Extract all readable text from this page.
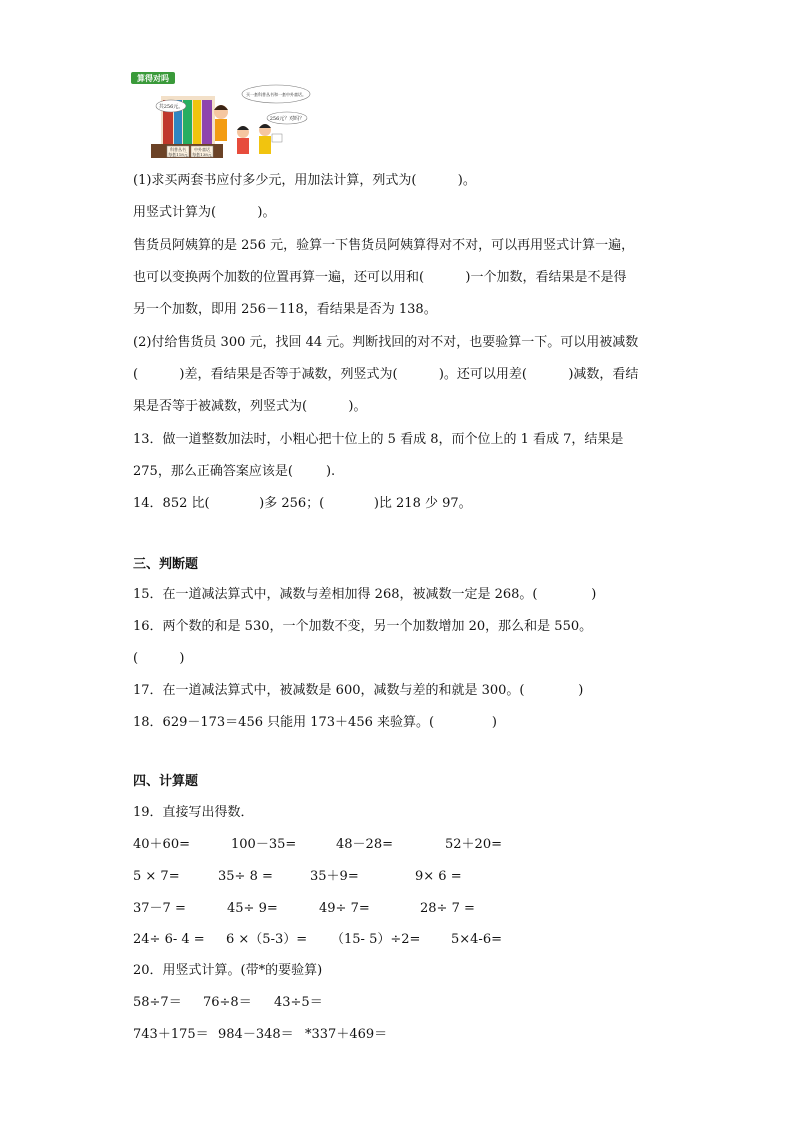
算得对吗
科普丛书
每套118元
中外童话
每套138元
共256元。
买一套科普丛书和一套中外童话。
256元？对吗？
(1)求买两套书应付多少元，用加法计算，列式为(          )。
用竖式计算为(          )。
售货员阿姨算的是 256 元，验算一下售货员阿姨算得对不对，可以再用竖式计算一遍，
也可以变换两个加数的位置再算一遍，还可以用和(          )一个加数，看结果是不是得
另一个加数，即用 256－118，看结果是否为 138。
(2)付给售货员 300 元，找回 44 元。判断找回的对不对，也要验算一下。可以用被减数
(          )差，看结果是否等于减数，列竖式为(          )。还可以用差(          )减数，看结
果是否等于被减数，列竖式为(          )。
13．做一道整数加法时，小粗心把十位上的 5 看成 8，而个位上的 1 看成 7，结果是
275，那么正确答案应该是(        ).
14．852 比(            )多 256；(            )比 218 少 97。
三、判断题
15．在一道减法算式中，减数与差相加得 268，被减数一定是 268。(             )
16．两个数的和是 530，一个加数不变，另一个加数增加 20，那么和是 550。
(          )
17．在一道减法算式中，被减数是 600，减数与差的和就是 300。(             )
18．629－173＝456 只能用 173＋456 来验算。(              )
四、计算题
19．直接写出得数．
40＋60=	100－35=	48－28=	52＋20=
5 × 7=	35÷ 8 =	35＋9=	9× 6 =
37－7 =	45÷ 9=	49÷ 7=	28÷ 7 =
24÷ 6- 4 = 6 ×（5-3）= （15- 5）÷2= 5×4-6=
20．用竖式计算。(带*的要验算)
58÷7＝ 76÷8＝ 43÷5＝
743＋175＝ 984－348＝ *337＋469＝
